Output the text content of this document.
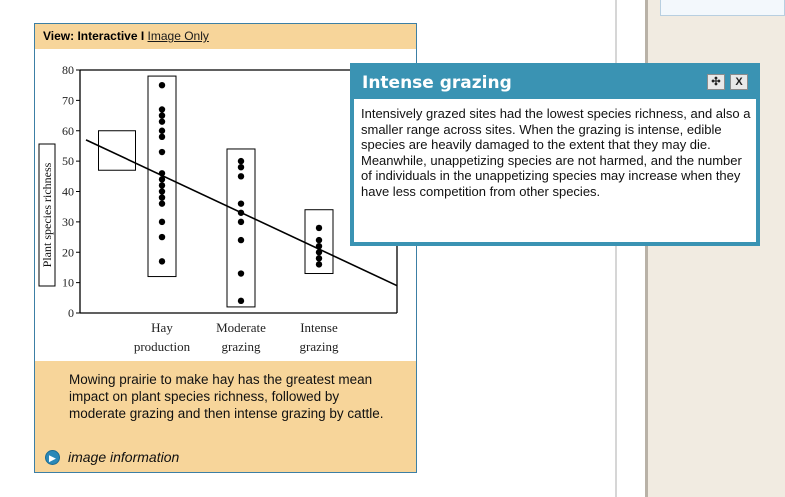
View: Interactive I Image Only
0
10
20
30
40
50
60
70
80
Plant species richness
Hay
production
Moderate
grazing
Intense
grazing
Mowing prairie to make hay has the greatest mean impact on plant species richness, followed by moderate grazing and then intense grazing by cattle.
▶ image information
Intense grazing	✣	X
Intensively grazed sites had the lowest species richness, and also a smaller range across sites. When the grazing is intense, edible species are heavily damaged to the extent that they may die. Meanwhile, unappetizing species are not harmed, and the number of individuals in the unappetizing species may increase when they have less competition from other species.
